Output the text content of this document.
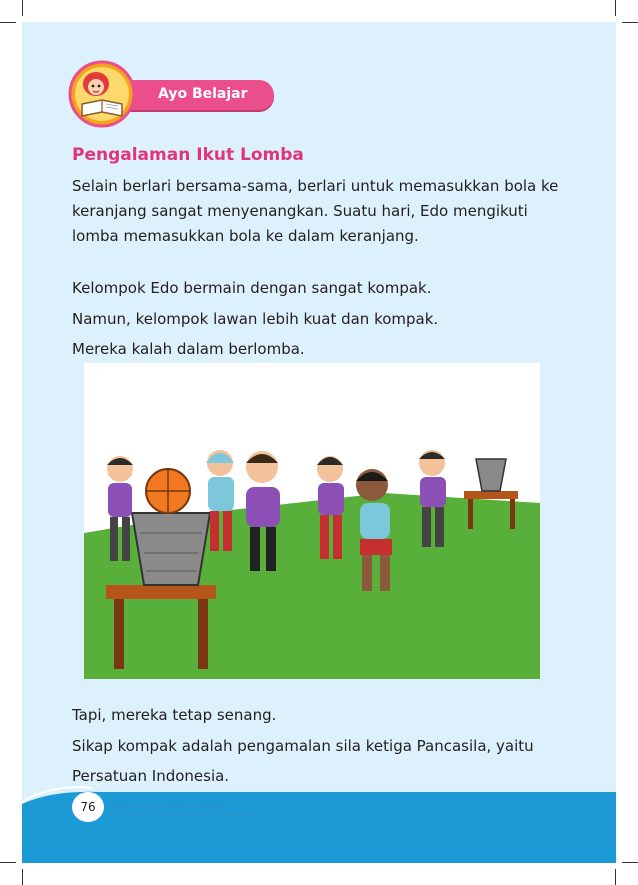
Ayo Belajar
Pengalaman Ikut Lomba

Selain berlari bersama-sama, berlari untuk memasukkan bola ke keranjang sangat menyenangkan. Suatu hari, Edo mengikuti lomba memasukkan bola ke dalam keranjang.

Kelompok Edo bermain dengan sangat kompak.

Namun, kelompok lawan lebih kuat dan kompak.

Mereka kalah dalam berlomba.

Tapi, mereka tetap senang.

Sikap kompak adalah pengamalan sila ketiga Pancasila, yaitu Persatuan Indonesia.

76	Buku Siswa Kelas I SD/MI
